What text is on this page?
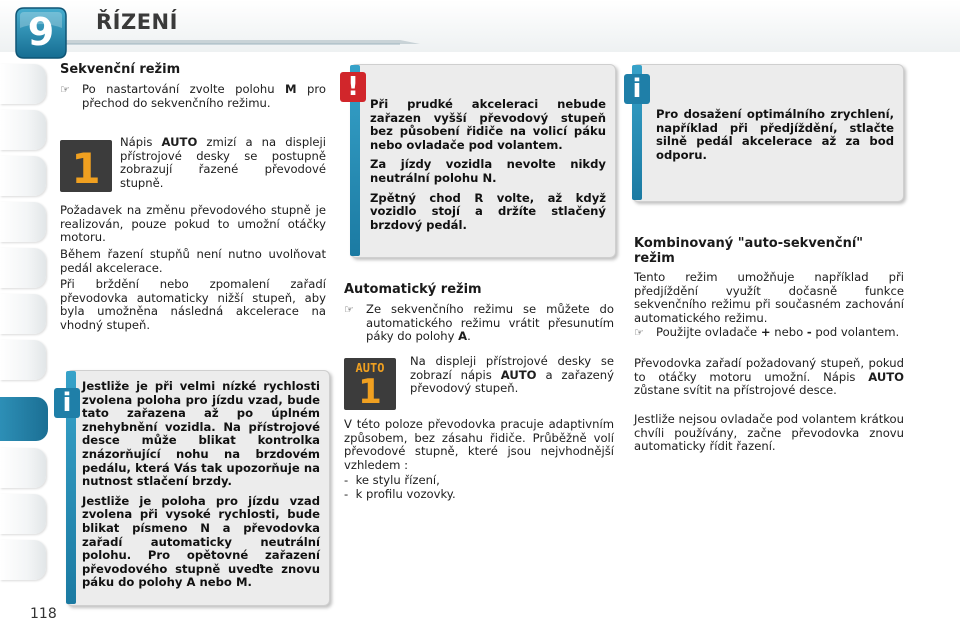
9	ŘÍZENÍ
Sekvenční režim
☞	Po nastartování zvolte polohu M pro přechod do sekvenčního režimu.
1
Nápis AUTO zmizí a na displeji přístrojové desky se postupně zobrazují řazené převodové stupně.
Požadavek na změnu převodového stupně je realizován, pouze pokud to umožní otáčky motoru.
Během řazení stupňů není nutno uvolňovat pedál akcelerace.
Při brždění nebo zpomalení zařadí převodovka automaticky nižší stupeň, aby byla umožněna následná akcelerace na vhodný stupeň.
i

Jestliže je při velmi nízké rychlosti zvolena poloha pro jízdu vzad, bude tato zařazena až po úplném znehybnění vozidla. Na přístrojové desce může blikat kontrolka znázorňující nohu na brzdovém pedálu, která Vás tak upozorňuje na nutnost stlačení brzdy.

Jestliže je poloha pro jízdu vzad zvolena při vysoké rychlosti, bude blikat písmeno N a převodovka zařadí automaticky neutrální polohu. Pro opětovné zařazení převodového stupně uveďte znovu páku do polohy A nebo M.

!

Při prudké akceleraci nebude zařazen vyšší převodový stupeň bez působení řidiče na volicí páku nebo ovladače pod volantem.

Za jízdy vozidla nevolte nikdy neutrální polohu N.

Zpětný chod R volte, až když vozidlo stojí a držíte stlačený brzdový pedál.

Automatický režim
☞	Ze sekvenčního režimu se můžete do automatického režimu vrátit přesunutím páky do polohy A.
AUTO
1
Na displeji přístrojové desky se zobrazí nápis AUTO a zařazený převodový stupeň.
V této poloze převodovka pracuje adaptivním způsobem, bez zásahu řidiče. Průběžně volí převodové stupně, které jsou nejvhodnější vzhledem :
- ke stylu řízení,
- k profilu vozovky.
i
Pro dosažení optimálního zrychlení, například při předjíždění, stlačte silně pedál akcelerace až za bod odporu.
Kombinovaný "auto-sekvenční" režim
Tento režim umožňuje například při předjíždění využít dočasně funkce sekvenčního režimu při současném zachování automatického režimu.
☞	Použijte ovladače + nebo - pod volantem.
Převodovka zařadí požadovaný stupeň, pokud to otáčky motoru umožní. Nápis AUTO zůstane svítit na přístrojové desce.
Jestliže nejsou ovladače pod volantem krátkou chvíli používány, začne převodovka znovu automaticky řídit řazení.
118
